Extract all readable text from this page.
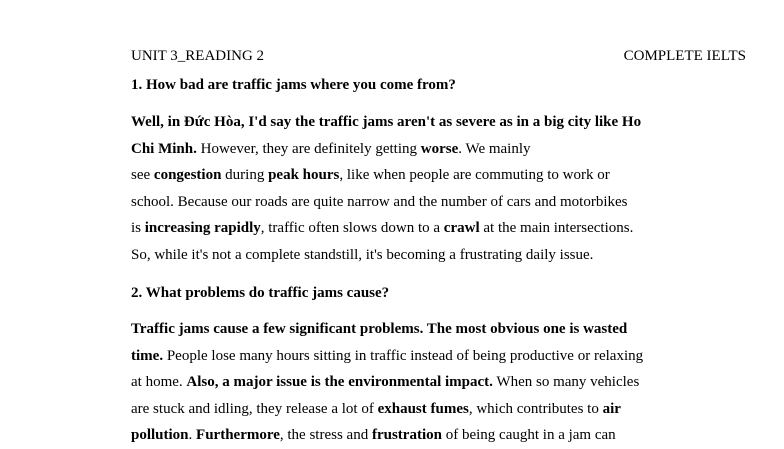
UNIT 3_READING 2	COMPLETE IELTS
1. How bad are traffic jams where you come from?
Well, in Đức Hòa, I'd say the traffic jams aren't as severe as in a big city like Ho
Chi Minh. However, they are definitely getting worse. We mainly
see congestion during peak hours, like when people are commuting to work or
school. Because our roads are quite narrow and the number of cars and motorbikes
is increasing rapidly, traffic often slows down to a crawl at the main intersections.
So, while it's not a complete standstill, it's becoming a frustrating daily issue.
2. What problems do traffic jams cause?
Traffic jams cause a few significant problems. The most obvious one is wasted
time. People lose many hours sitting in traffic instead of being productive or relaxing
at home. Also, a major issue is the environmental impact. When so many vehicles
are stuck and idling, they release a lot of exhaust fumes, which contributes to air
pollution. Furthermore, the stress and frustration of being caught in a jam can
